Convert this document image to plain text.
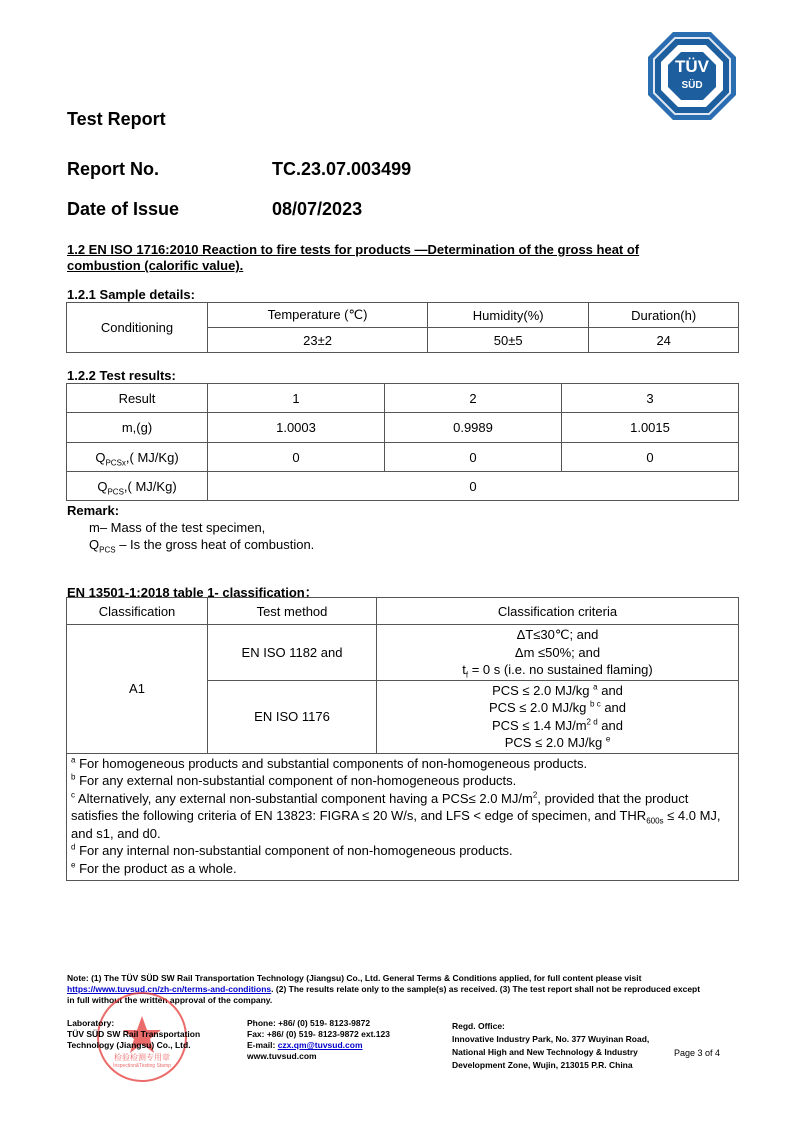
TÜV
SÜD
Test Report
Report No.	TC.23.07.003499
Date of Issue	08/07/2023
1.2 EN ISO 1716:2010 Reaction to fire tests for products —Determination of the gross heat of
combustion (calorific value).
1.2.1 Sample details:
Conditioning	Temperature (℃)	Humidity(%)	Duration(h)
	23±2	50±5	24
1.2.2 Test results:
Result	1	2	3
m,(g)	1.0003	0.9989	1.0015
$Q_{PCSx}$,( MJ/Kg)	0	0	0
$Q_{PCS}$,( MJ/Kg)	0		
Remark:
m– Mass of the test specimen,
$Q_{PCS}$ – Is the gross heat of combustion.
EN 13501-1:2018 table 1- classification：
Classification	Test method	Classification criteria
A1	EN ISO 1182 and	ΔT≤30℃; and
Δm ≤50%; and
$t_f = 0$ s (i.e. no sustained flaming)

	EN ISO 1176	PCS ≤ 2.0 MJ/kg $^a$ and
PCS ≤ 2.0 MJ/kg $^{b c}$ and
PCS ≤ 1.4 $MJ/m^{2 d}$ and
PCS ≤ 2.0 MJ/kg $^e$

$^a$ For homogeneous products and substantial components of non-homogeneous products.
$^b$ For any external non-substantial component of non-homogeneous products.
$^c$ Alternatively, any external non-substantial component having a PCS≤ 2.0 $MJ/m^2$, provided that the product satisfies the following criteria of EN 13823: FIGRA ≤ 20 W/s, and LFS < edge of specimen, and $THR_{600s} \le 4.0$ MJ, and s1, and d0.
$^d$ For any internal non-substantial component of non-homogeneous products.
$^e$ For the product as a whole.		
Note: (1) The TÜV SÜD SW Rail Transportation Technology (Jiangsu) Co., Ltd. General Terms & Conditions applied, for full content please visit
https://www.tuvsud.cn/zh-cn/terms-and-conditions. (2) The results relate only to the sample(s) as received. (3) The test report shall not be reproduced except
in full without the written approval of the company.
检验检测专用章
Inspection&Testing Stamp
Laboratory:
TÜV SÜD SW Rail Transportation
Technology (Jiangsu) Co., Ltd.
Phone: +86/ (0) 519- 8123-9872
Fax: +86/ (0) 519- 8123-9872 ext.123
E-mail: czx.qm@tuvsud.com
www.tuvsud.com
Regd. Office:
Innovative Industry Park, No. 377 Wuyinan Road,
National High and New Technology & Industry
Development Zone, Wujin, 213015 P.R. China
Page 3 of 4
